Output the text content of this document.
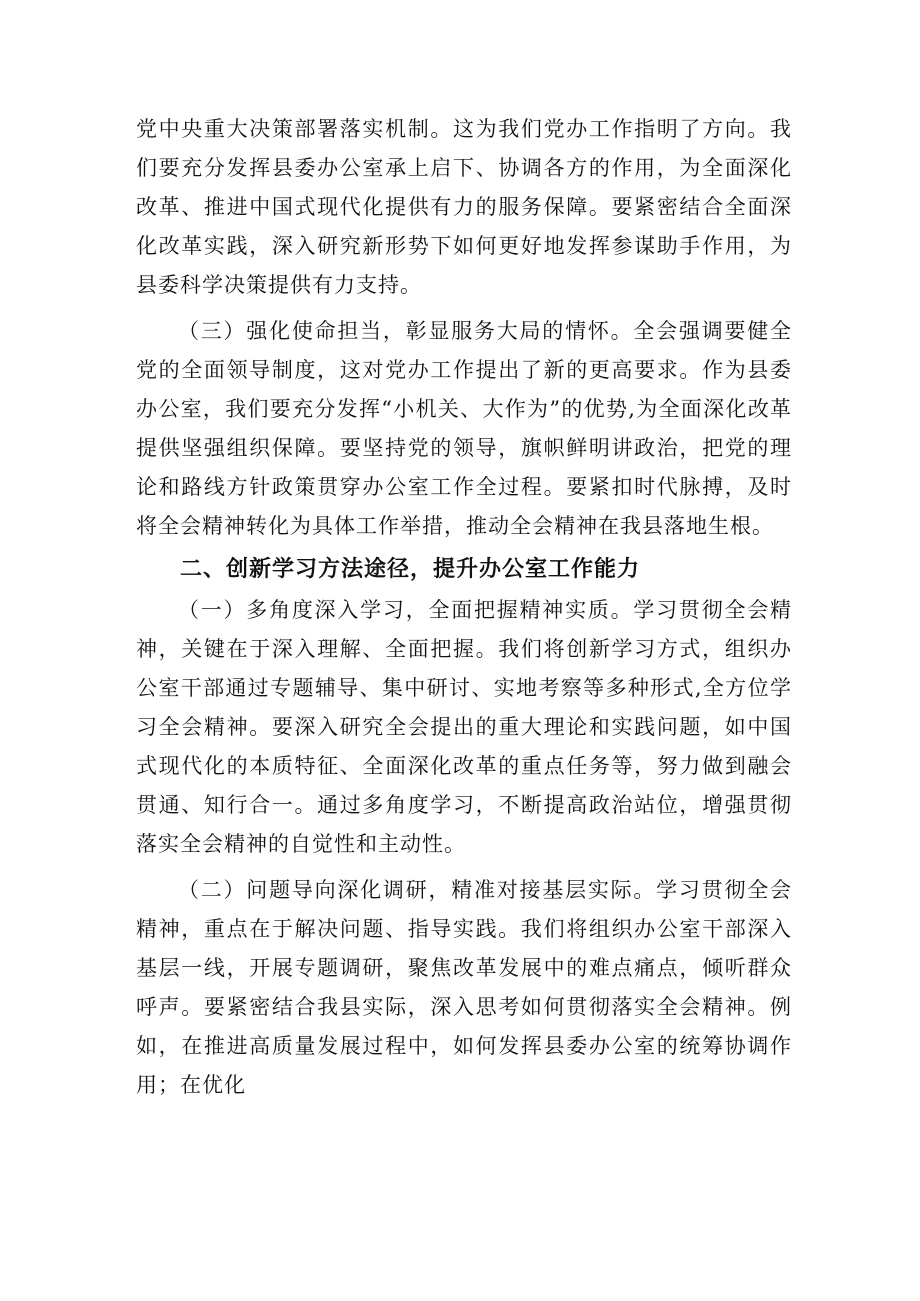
党中央重大决策部署落实机制。这为我们党办工作指明了方向。我们要充分发挥县委办公室承上启下、协调各方的作用，为全面深化改革、推进中国式现代化提供有力的服务保障。要紧密结合全面深化改革实践，深入研究新形势下如何更好地发挥参谋助手作用，为县委科学决策提供有力支持。

（三）强化使命担当，彰显服务大局的情怀。全会强调要健全党的全面领导制度，这对党办工作提出了新的更高要求。作为县委办公室，我们要充分发挥“小机关、大作为”的优势,为全面深化改革提供坚强组织保障。要坚持党的领导，旗帜鲜明讲政治，把党的理论和路线方针政策贯穿办公室工作全过程。要紧扣时代脉搏，及时将全会精神转化为具体工作举措，推动全会精神在我县落地生根。

二、创新学习方法途径，提升办公室工作能力

（一）多角度深入学习，全面把握精神实质。学习贯彻全会精神，关键在于深入理解、全面把握。我们将创新学习方式，组织办公室干部通过专题辅导、集中研讨、实地考察等多种形式,全方位学习全会精神。要深入研究全会提出的重大理论和实践问题，如中国式现代化的本质特征、全面深化改革的重点任务等，努力做到融会贯通、知行合一。通过多角度学习，不断提高政治站位，增强贯彻落实全会精神的自觉性和主动性。

（二）问题导向深化调研，精准对接基层实际。学习贯彻全会精神，重点在于解决问题、指导实践。我们将组织办公室干部深入基层一线，开展专题调研，聚焦改革发展中的难点痛点，倾听群众呼声。要紧密结合我县实际，深入思考如何贯彻落实全会精神。例如，在推进高质量发展过程中，如何发挥县委办公室的统筹协调作用；在优化
